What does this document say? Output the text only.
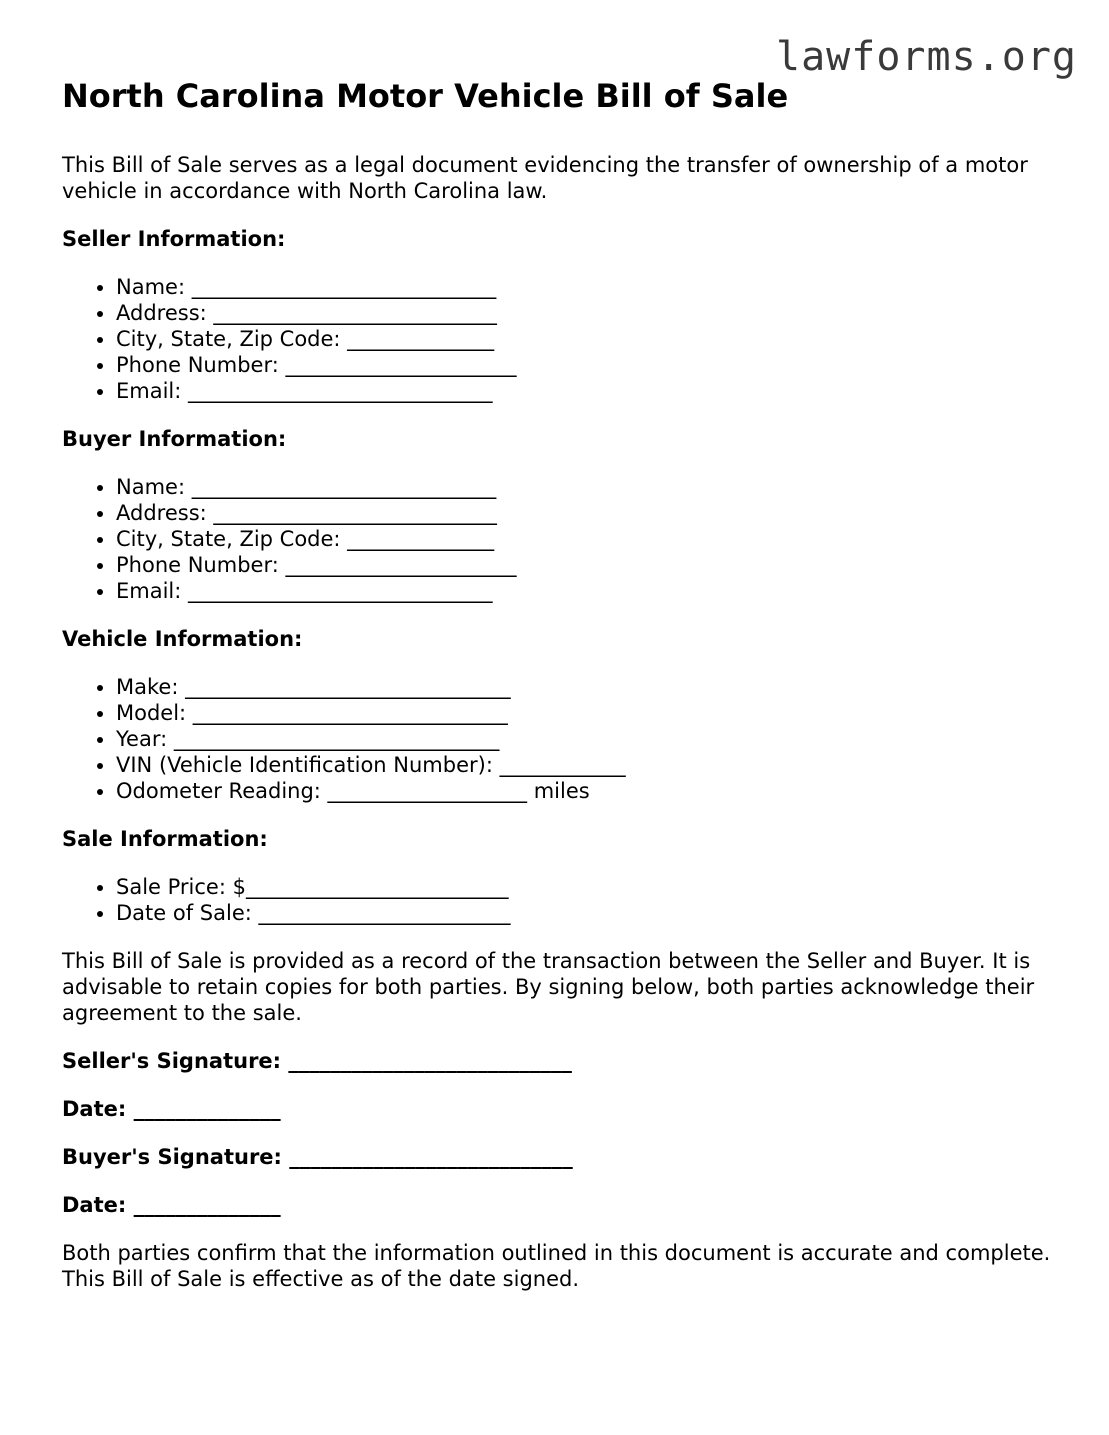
lawforms.org
North Carolina Motor Vehicle Bill of Sale

This Bill of Sale serves as a legal document evidencing the transfer of ownership of a motor vehicle in accordance with North Carolina law.

Seller Information:
• Name: _____________________________
• Address: ___________________________
• City, State, Zip Code: ______________
• Phone Number: ______________________
• Email: _____________________________
Buyer Information:
• Name: _____________________________
• Address: ___________________________
• City, State, Zip Code: ______________
• Phone Number: ______________________
• Email: _____________________________
Vehicle Information:
• Make: _______________________________
• Model: ______________________________
• Year: _______________________________
• VIN (Vehicle Identification Number): ____________
• Odometer Reading: ___________________ miles
Sale Information:
• Sale Price: $_________________________
• Date of Sale: ________________________

This Bill of Sale is provided as a record of the transaction between the Seller and Buyer. It is advisable to retain copies for both parties. By signing below, both parties acknowledge their agreement to the sale.

Seller's Signature: ___________________________
Date: ______________
Buyer's Signature: ___________________________
Date: ______________

Both parties confirm that the information outlined in this document is accurate and complete. This Bill of Sale is effective as of the date signed.
